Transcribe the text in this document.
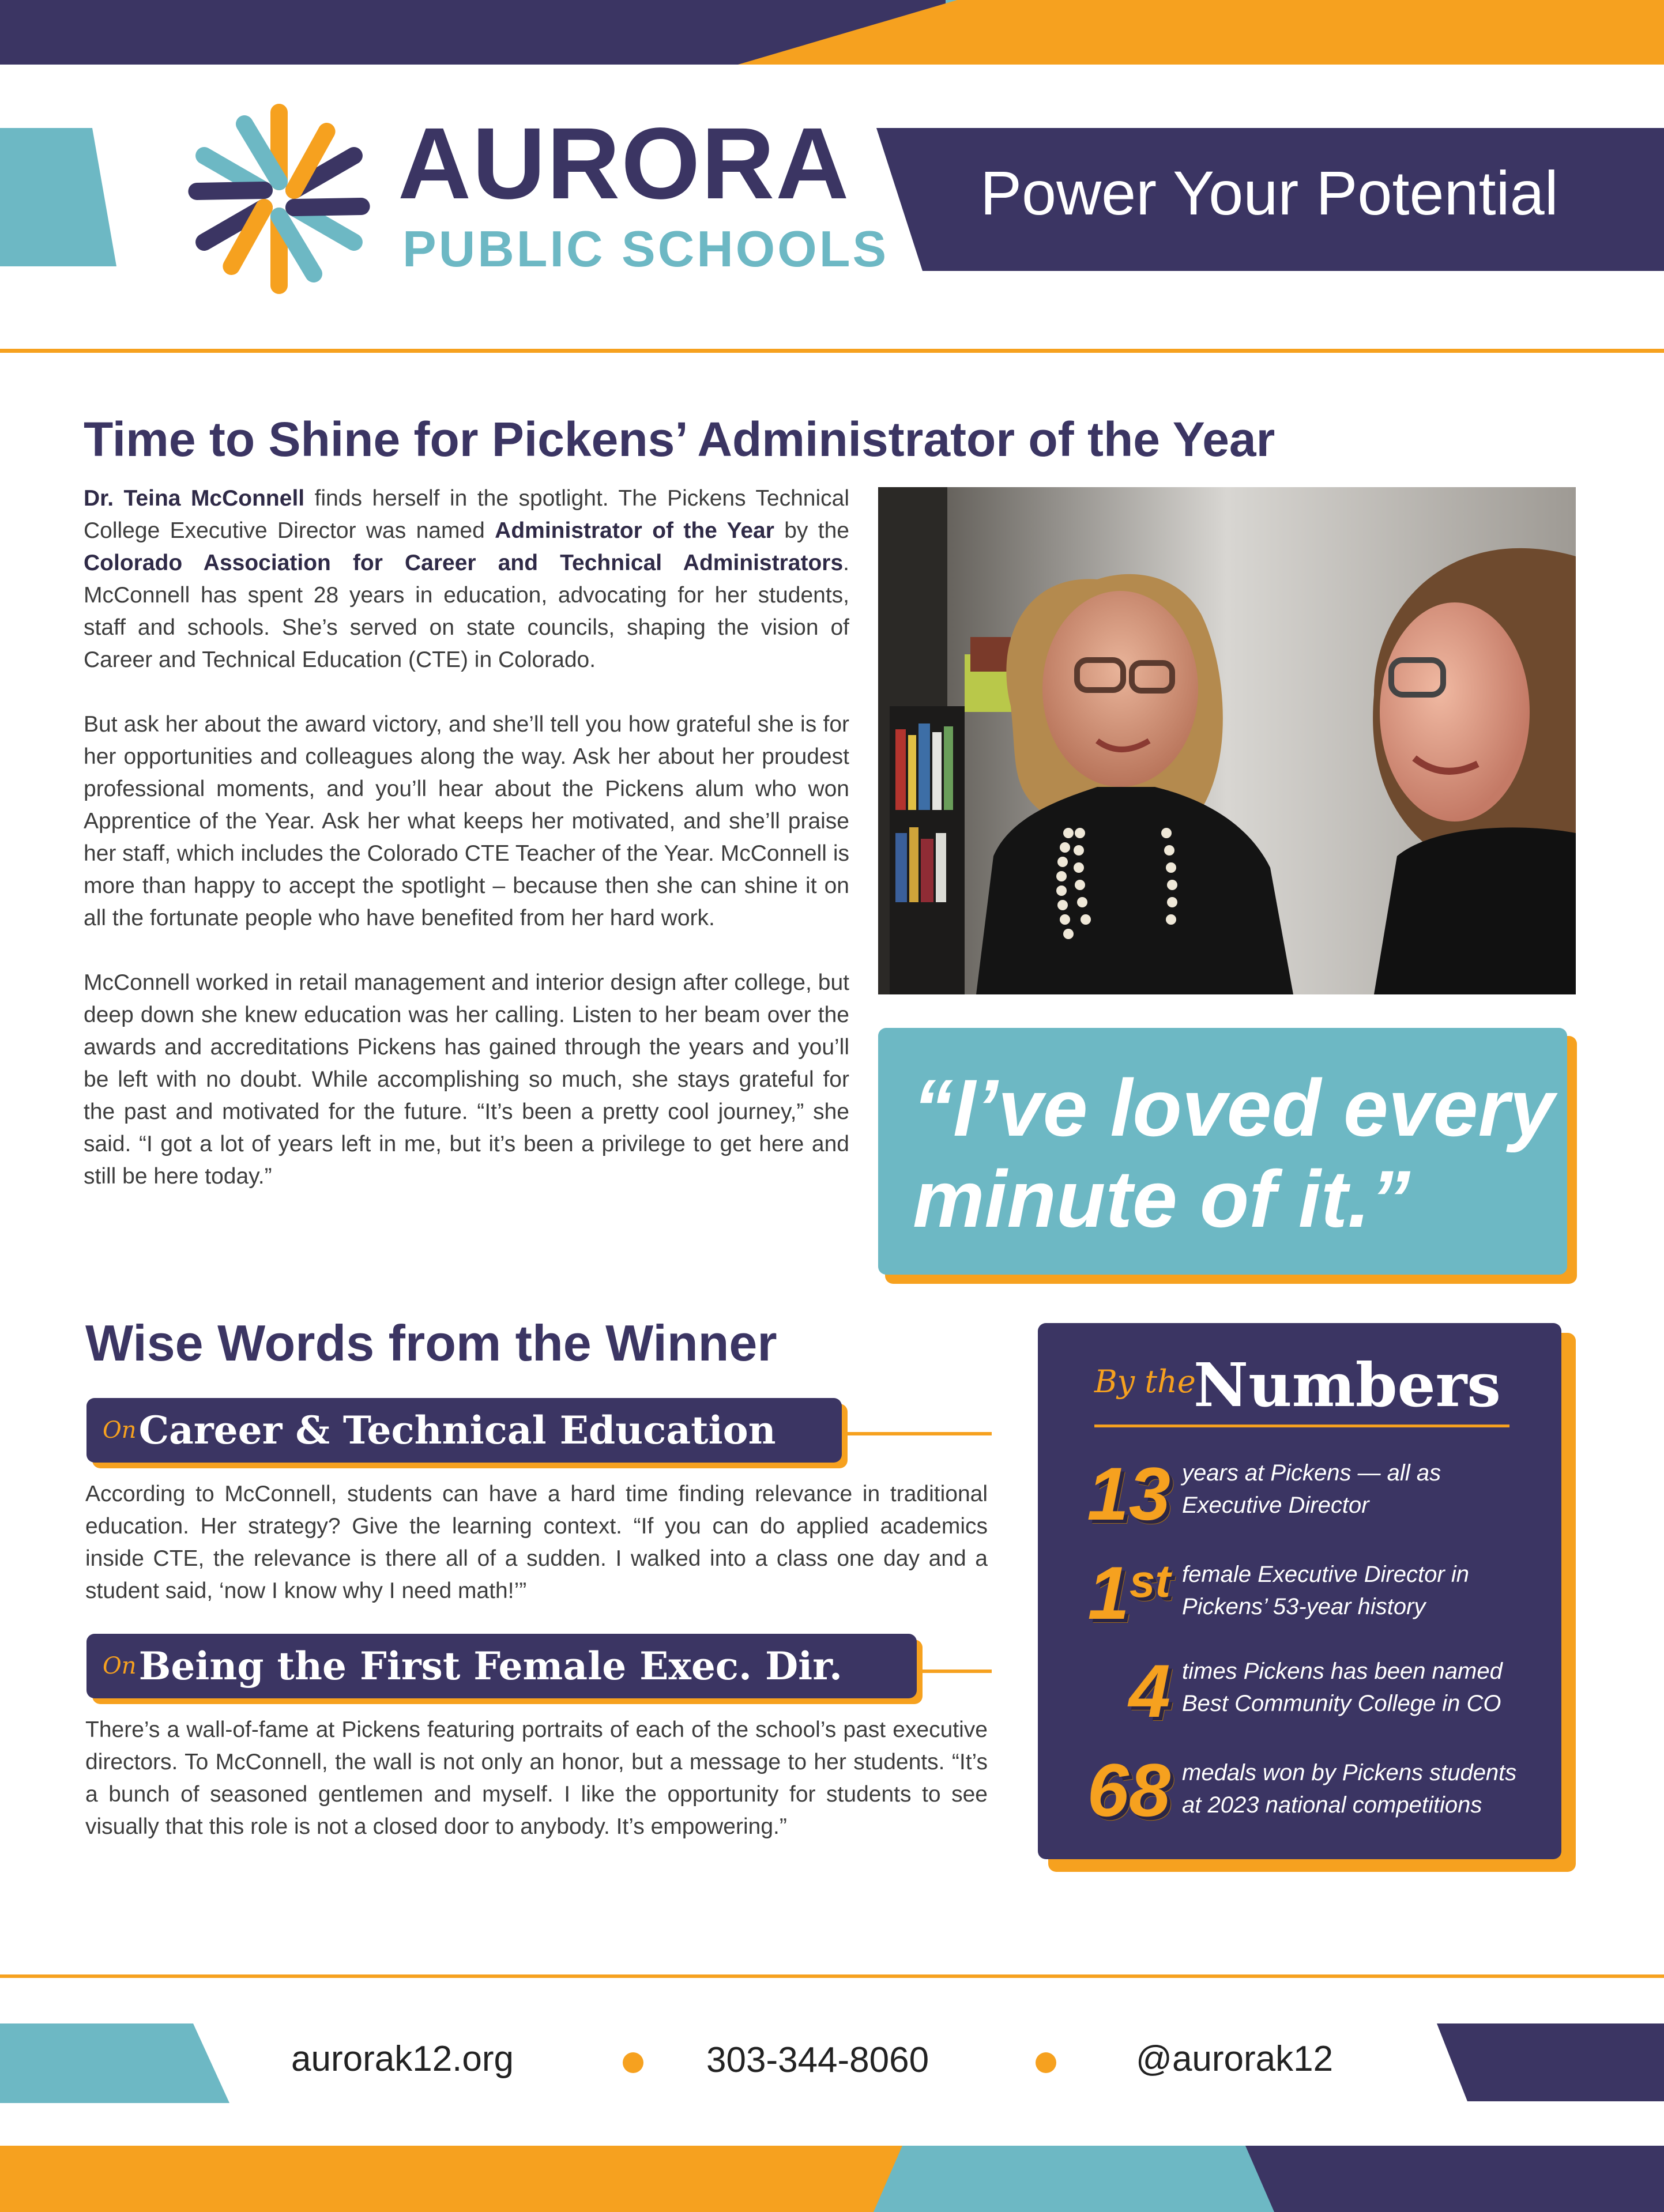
AURORA
PUBLIC SCHOOLS
Power Your Potential
Time to Shine for Pickens’ Administrator of the Year

Dr. Teina McConnell finds herself in the spotlight. The Pickens Technical College Executive Director was named Administrator of the Year by the Colorado Association for Career and Technical Administrators. McConnell has spent 28 years in education, advocating for her students, staff and schools. She’s served on state councils, shaping the vision of Career and Technical Education (CTE) in Colorado.

But ask her about the award victory, and she’ll tell you how grateful she is for her opportunities and colleagues along the way. Ask her about her proudest professional moments, and you’ll hear about the Pickens alum who won Apprentice of the Year. Ask her what keeps her motivated, and she’ll praise her staff, which includes the Colorado CTE Teacher of the Year. McConnell is more than happy to accept the spotlight – because then she can shine it on all the fortunate people who have benefited from her hard work.

McConnell worked in retail management and interior design after college, but deep down she knew education was her calling. Listen to her beam over the awards and accreditations Pickens has gained through the years and you’ll be left with no doubt. While accomplishing so much, she stays grateful for the past and motivated for the future. “It’s been a pretty cool journey,” she said. “I got a lot of years left in me, but it’s been a privilege to get here and still be here today.”

“I’ve loved every
minute of it.”
Wise Words from the Winner
On Career & Technical Education

According to McConnell, students can have a hard time finding relevance in traditional education. Her strategy? Give the learning context. “If you can do applied academics inside CTE, the relevance is there all of a sudden. I walked into a class one day and a student said, ‘now I know why I need math!’”

On Being the First Female Exec. Dir.

There’s a wall-of-fame at Pickens featuring portraits of each of the school’s past executive directors. To McConnell, the wall is not only an honor, but a message to her students. “It’s a bunch of seasoned gentlemen and myself. I like the opportunity for students to see visually that this role is not a closed door to anybody. It’s empowering.”

By the
Numbers
13 years at Pickens — all as
Executive Director
1st female Executive Director in
Pickens’ 53-year history
4 times Pickens has been named
Best Community College in CO
68 medals won by Pickens students
at 2023 national competitions
aurorak12.org	303-344-8060	@aurorak12
